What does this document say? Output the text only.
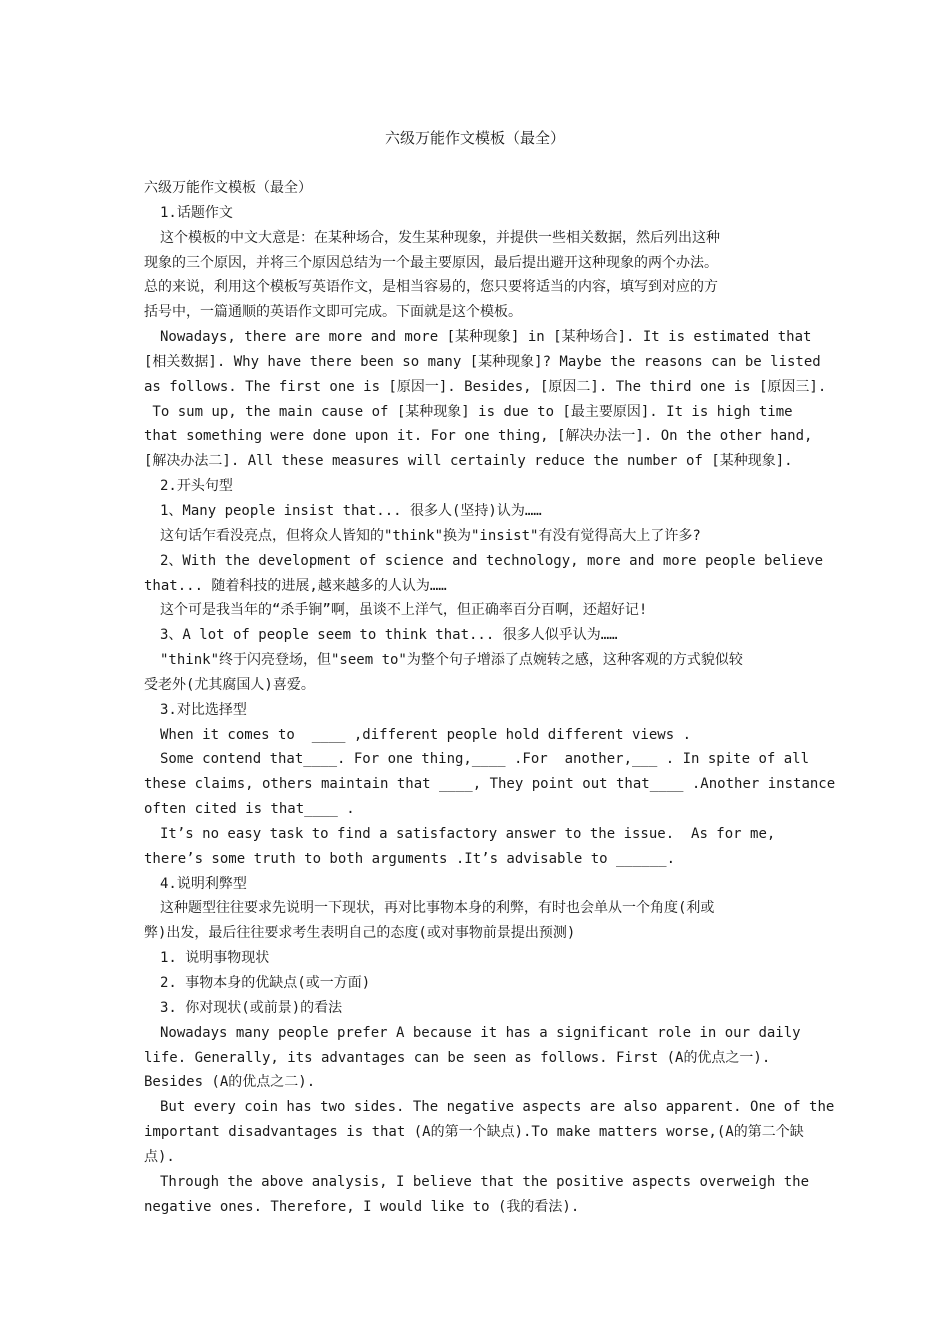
六级万能作文模板（最全）
六级万能作文模板（最全）
1.话题作文
这个模板的中文大意是：在某种场合，发生某种现象，并提供一些相关数据，然后列出这种
现象的三个原因，并将三个原因总结为一个最主要原因，最后提出避开这种现象的两个办法。
总的来说，利用这个模板写英语作文，是相当容易的，您只要将适当的内容，填写到对应的方
括号中，一篇通顺的英语作文即可完成。下面就是这个模板。
Nowadays, there are more and more [某种现象] in [某种场合]. It is estimated that
[相关数据]. Why have there been so many [某种现象]? Maybe the reasons can be listed
as follows. The first one is [原因一]. Besides, [原因二]. The third one is [原因三].
To sum up, the main cause of [某种现象] is due to [最主要原因]. It is high time
that something were done upon it. For one thing, [解决办法一]. On the other hand,
[解决办法二]. All these measures will certainly reduce the number of [某种现象].
2.开头句型
1、Many people insist that... 很多人(坚持)认为……
这句话乍看没亮点，但将众人皆知的"think"换为"insist"有没有觉得高大上了许多?
2、With the development of science and technology, more and more people believe
that... 随着科技的进展,越来越多的人认为……
这个可是我当年的“杀手锏”啊，虽谈不上洋气，但正确率百分百啊，还超好记!
3、A lot of people seem to think that... 很多人似乎认为……
"think"终于闪亮登场，但"seem to"为整个句子增添了点婉转之感，这种客观的方式貌似较
受老外(尤其腐国人)喜爱。
3.对比选择型
When it comes to  ____ ,different people hold different views .
Some contend that____. For one thing,____ .For  another,___ . In spite of all
these claims, others maintain that ____, They point out that____ .Another instance
often cited is that____ .
It’s no easy task to find a satisfactory answer to the issue.  As for me,
there’s some truth to both arguments .It’s advisable to ______.
4.说明利弊型
这种题型往往要求先说明一下现状，再对比事物本身的利弊，有时也会单从一个角度(利或
弊)出发，最后往往要求考生表明自己的态度(或对事物前景提出预测)
1. 说明事物现状
2. 事物本身的优缺点(或一方面)
3. 你对现状(或前景)的看法
Nowadays many people prefer A because it has a significant role in our daily
life. Generally, its advantages can be seen as follows. First (A的优点之一).
Besides (A的优点之二).
But every coin has two sides. The negative aspects are also apparent. One of the
important disadvantages is that (A的第一个缺点).To make matters worse,(A的第二个缺
点).
Through the above analysis, I believe that the positive aspects overweigh the
negative ones. Therefore, I would like to (我的看法).
